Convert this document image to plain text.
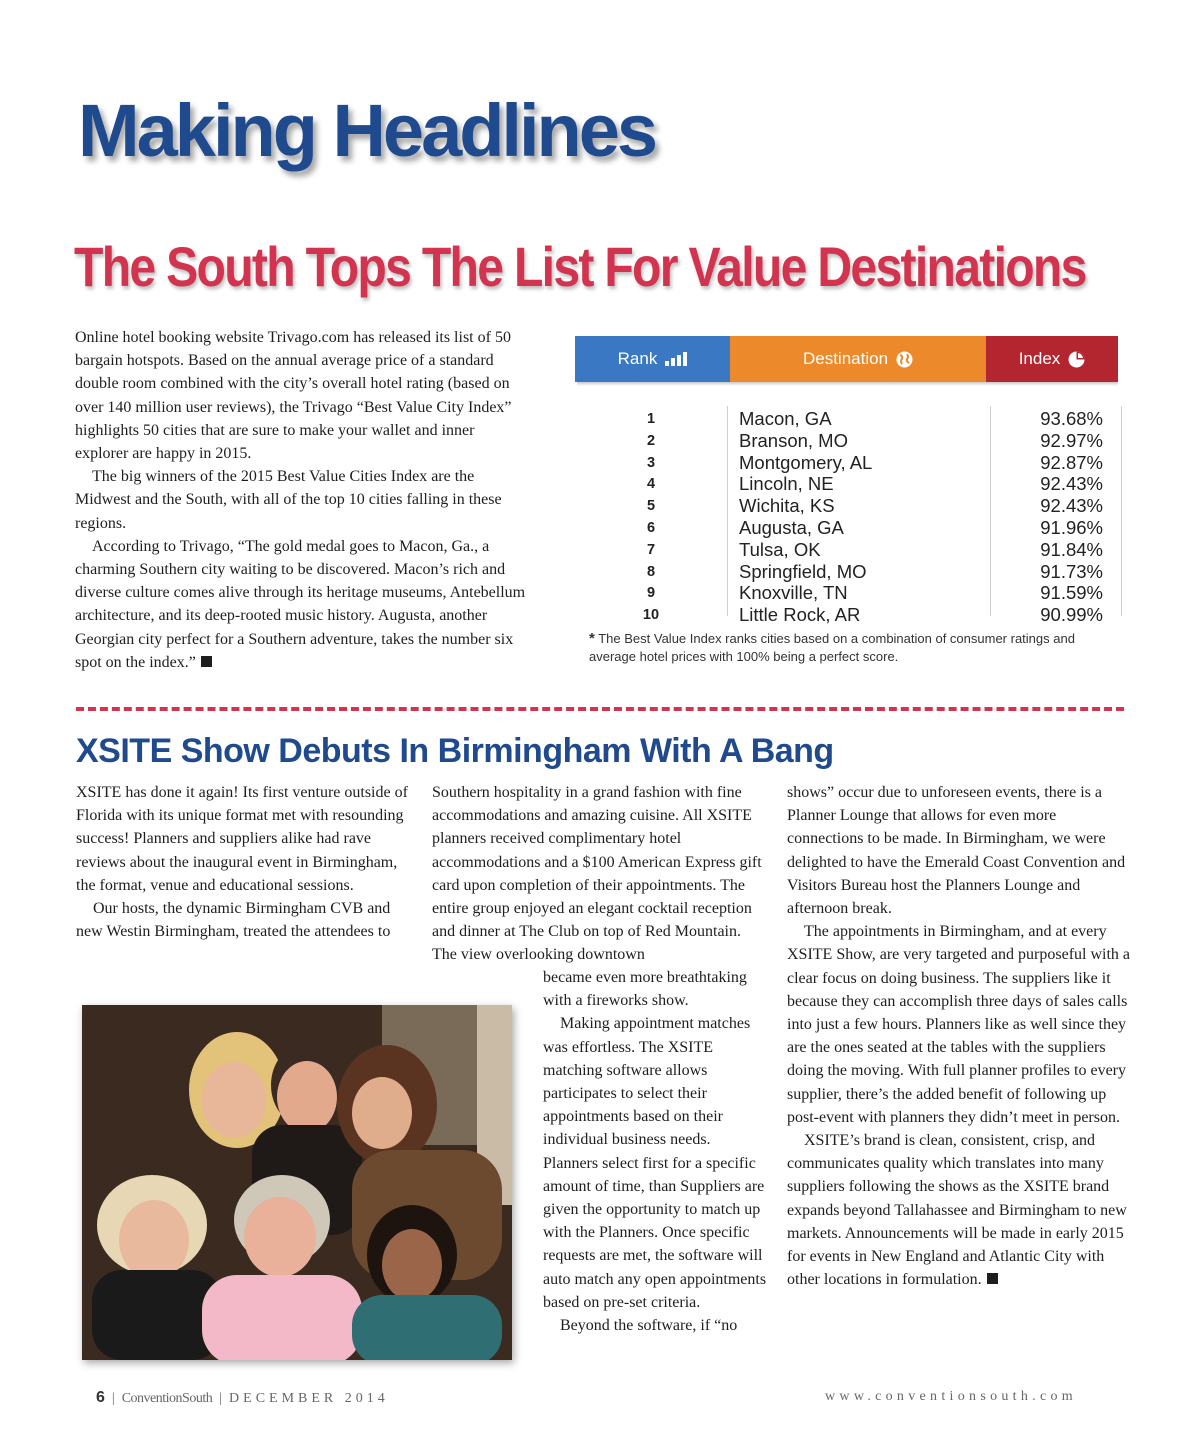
Making Headlines
The South Tops The List For Value Destinations

Online hotel booking website Trivago.com has released its list of 50 bargain hotspots. Based on the annual average price of a standard double room combined with the city’s overall hotel rating (based on over 140 million user reviews), the Trivago “Best Value City Index” highlights 50 cities that are sure to make your wallet and inner explorer are happy in 2015.

The big winners of the 2015 Best Value Cities Index are the Midwest and the South, with all of the top 10 cities falling in these regions.

According to Trivago, “The gold medal goes to Macon, Ga., a charming Southern city waiting to be discovered. Macon’s rich and diverse culture comes alive through its heritage museums, Antebellum architecture, and its deep-rooted music history. Augusta, another Georgian city perfect for a Southern adventure, takes the number six spot on the index.”

Rank	Destination	Index
1	Macon, GA	93.68%
2	Branson, MO	92.97%
3	Montgomery, AL	92.87%
4	Lincoln, NE	92.43%
5	Wichita, KS	92.43%
6	Augusta, GA	91.96%
7	Tulsa, OK	91.84%
8	Springfield, MO	91.73%
9	Knoxville, TN	91.59%
10	Little Rock, AR	90.99%
* The Best Value Index ranks cities based on a combination of consumer ratings and average hotel prices with 100% being a perfect score.
XSITE Show Debuts In Birmingham With A Bang

XSITE has done it again! Its first venture outside of Florida with its unique format met with resounding success! Planners and suppliers alike had rave reviews about the inaugural event in Birmingham, the format, venue and educational sessions.

Our hosts, the dynamic Birmingham CVB and new Westin Birmingham, treated the attendees to

Southern hospitality in a grand fashion with fine accommodations and amazing cuisine. All XSITE planners received complimentary hotel accommodations and a $100 American Express gift card upon completion of their appointments. The entire group enjoyed an elegant cocktail reception and dinner at The Club on top of Red Mountain. The view overlooking downtown

became even more breathtaking with a fireworks show.

Making appointment matches was effortless. The XSITE matching software allows participates to select their appointments based on their individual business needs. Planners select first for a specific amount of time, than Suppliers are given the opportunity to match up with the Planners. Once specific requests are met, the software will auto match any open appointments based on pre-set criteria.

Beyond the software, if “no

shows” occur due to unforeseen events, there is a Planner Lounge that allows for even more connections to be made. In Birmingham, we were delighted to have the Emerald Coast Convention and Visitors Bureau host the Planners Lounge and afternoon break.

The appointments in Birmingham, and at every XSITE Show, are very targeted and purposeful with a clear focus on doing business. The suppliers like it because they can accomplish three days of sales calls into just a few hours. Planners like as well since they are the ones seated at the tables with the suppliers doing the moving. With full planner profiles to every supplier, there’s the added benefit of following up post-event with planners they didn’t meet in person.

XSITE’s brand is clean, consistent, crisp, and communicates quality which translates into many suppliers following the shows as the XSITE brand expands beyond Tallahassee and Birmingham to new markets. Announcements will be made in early 2015 for events in New England and Atlantic City with other locations in formulation.

6 | ConventionSouth | DECEMBER 2014	www.conventionsouth.com
